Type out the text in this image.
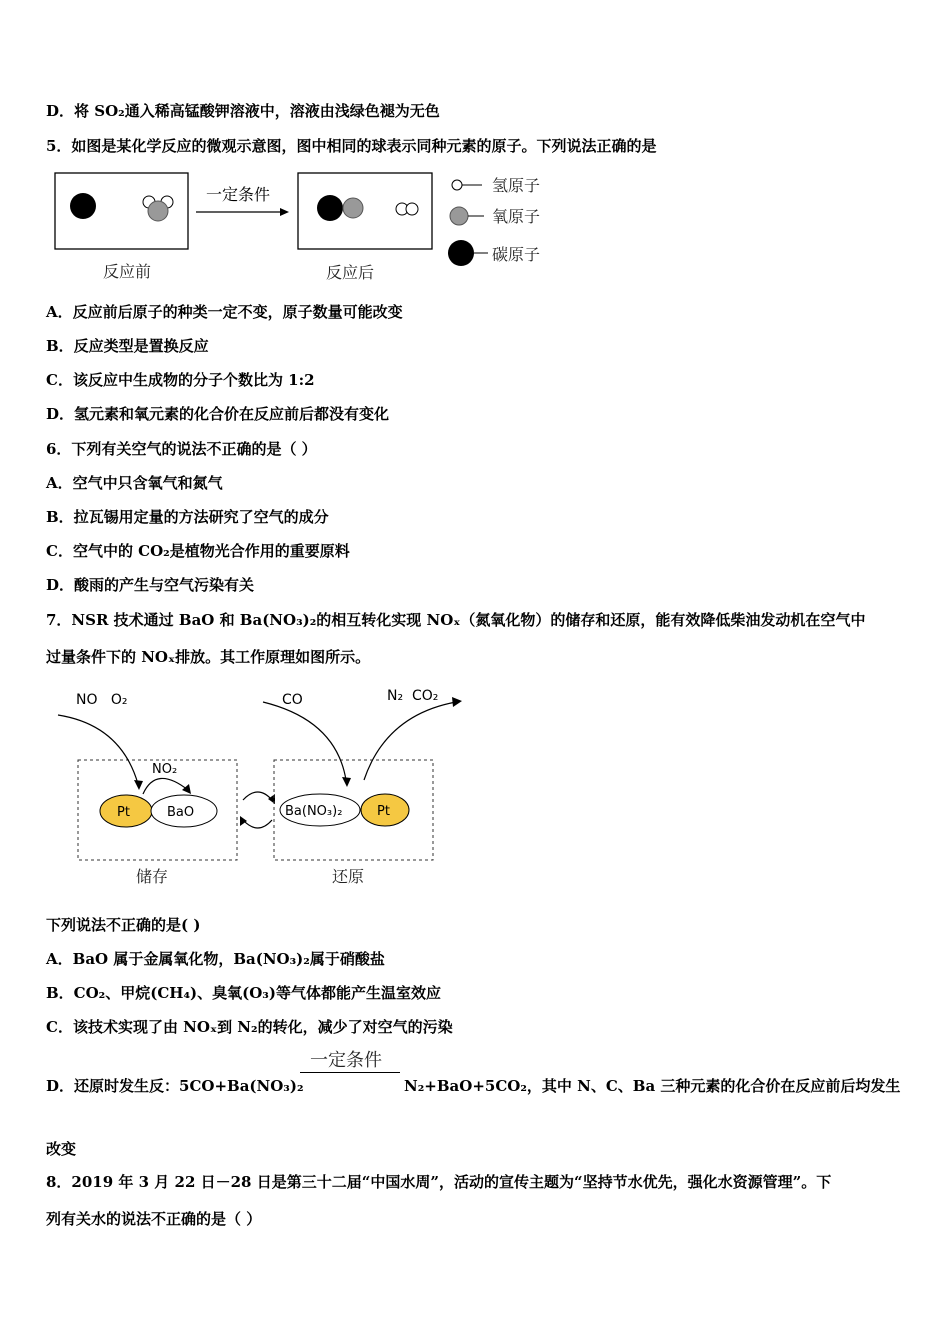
D．将 SO₂通入稀高锰酸钾溶液中，溶液由浅绿色褪为无色
5．如图是某化学反应的微观示意图，图中相同的球表示同种元素的原子。下列说法正确的是
一定条件	氢原子
氧原子
碳原子
反应前	反应后
A．反应前后原子的种类一定不变，原子数量可能改变
B．反应类型是置换反应
C．该反应中生成物的分子个数比为 1:2
D．氢元素和氧元素的化合价在反应前后都没有变化
6．下列有关空气的说法不正确的是（ ）
A．空气中只含氧气和氮气
B．拉瓦锡用定量的方法研究了空气的成分
C．空气中的 CO₂是植物光合作用的重要原料
D．酸雨的产生与空气污染有关
7．NSR 技术通过 BaO 和 Ba(NO₃)₂的相互转化实现 NOₓ（氮氧化物）的储存和还原，能有效降低柴油发动机在空气中
过量条件下的 NOₓ排放。其工作原理如图所示。
NO   O₂
NO₂
Pt	BaO
储存
CO	N₂  CO₂
Ba(NO₃)₂	Pt
还原
下列说法不正确的是( )
A．BaO 属于金属氧化物，Ba(NO₃)₂属于硝酸盐
B．CO₂、甲烷(CH₄)、臭氧(O₃)等气体都能产生温室效应
C．该技术实现了由 NOₓ到 N₂的转化，减少了对空气的污染
D．还原时发生反：5CO+Ba(NO₃)₂
一定条件
N₂+BaO+5CO₂，其中 N、C、Ba 三种元素的化合价在反应前后均发生
改变
8．2019 年 3 月 22 日－28 日是第三十二届“中国水周”，活动的宣传主题为“坚持节水优先，强化水资源管理”。下
列有关水的说法不正确的是（ ）
